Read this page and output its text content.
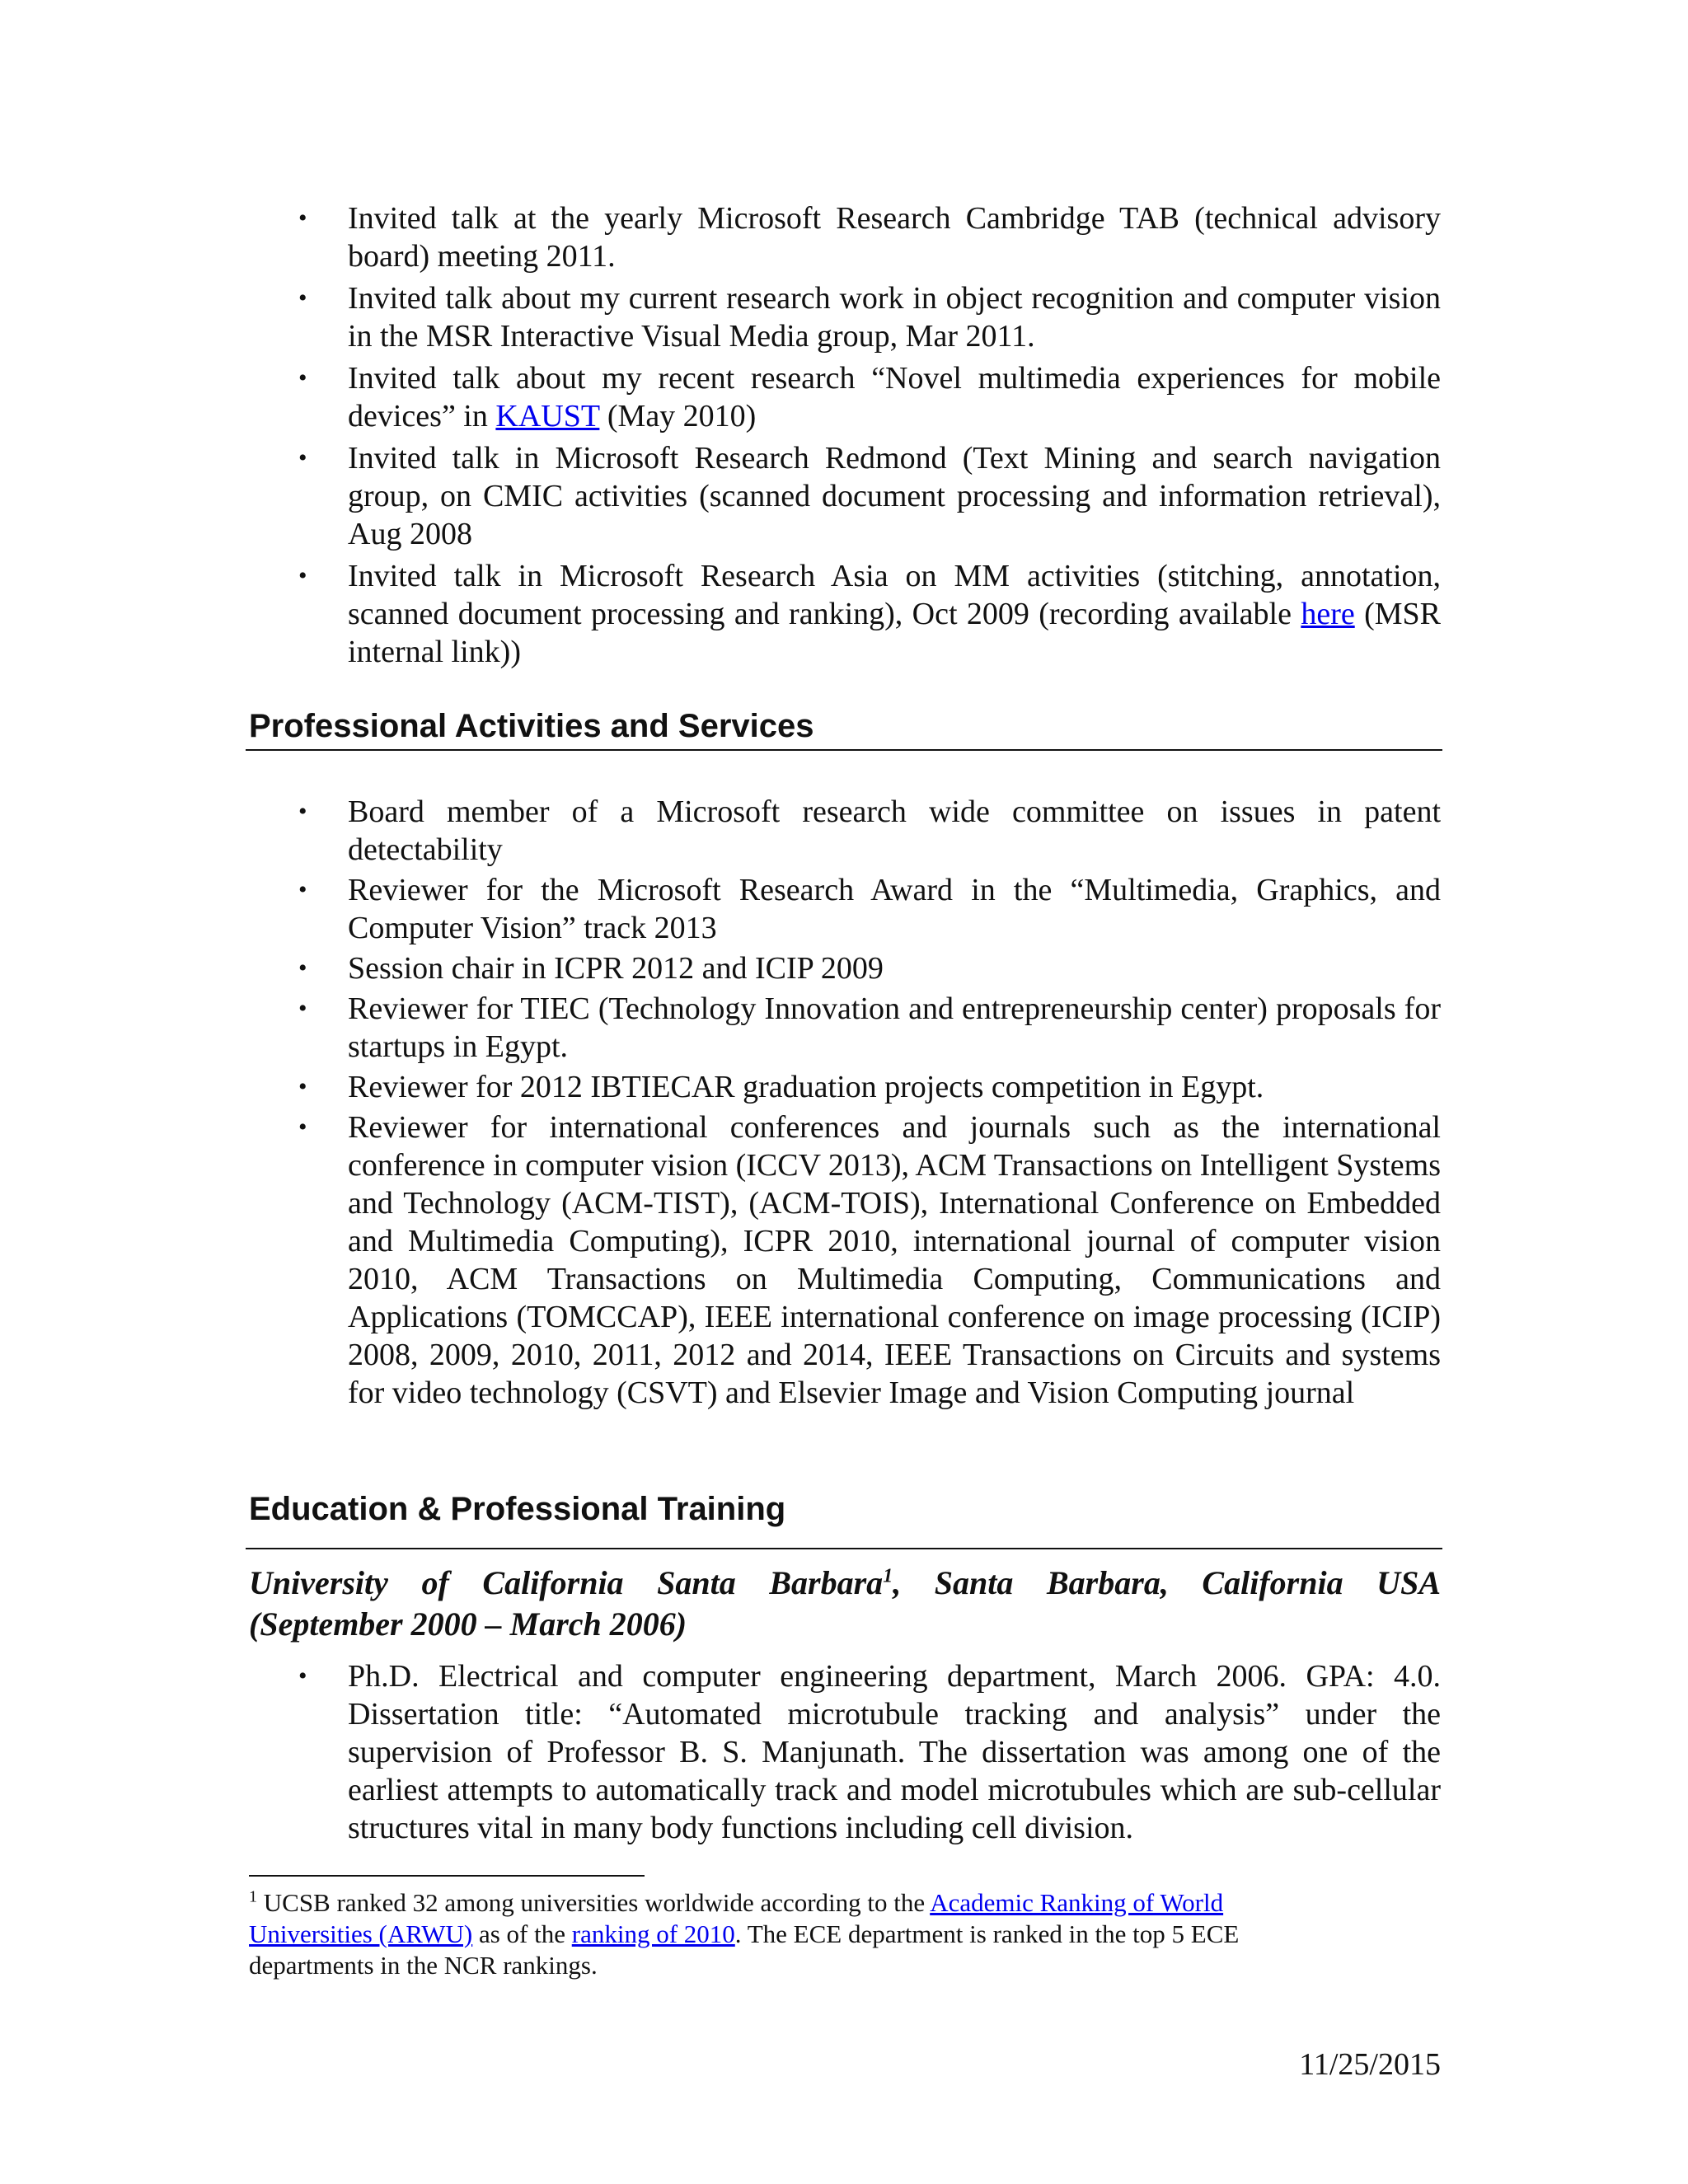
• Invited talk at the yearly Microsoft Research Cambridge TAB (technical advisory board) meeting 2011.
• Invited talk about my current research work in object recognition and computer vision in the MSR Interactive Visual Media group, Mar 2011.
• Invited talk about my recent research “Novel multimedia experiences for mobile devices” in KAUST (May 2010)
• Invited talk in Microsoft Research Redmond (Text Mining and search navigation group, on CMIC activities (scanned document processing and information retrieval), Aug 2008
• Invited talk in Microsoft Research Asia on MM activities (stitching, annotation, scanned document processing and ranking), Oct 2009 (recording available here (MSR internal link))
Professional Activities and Services
• Board member of a Microsoft research wide committee on issues in patent detectability
• Reviewer for the Microsoft Research Award in the “Multimedia, Graphics, and Computer Vision” track 2013
• Session chair in ICPR 2012 and ICIP 2009
• Reviewer for TIEC (Technology Innovation and entrepreneurship center) proposals for startups in Egypt.
• Reviewer for 2012 IBTIECAR graduation projects competition in Egypt.
• Reviewer for international conferences and journals such as the international conference in computer vision (ICCV 2013), ACM Transactions on Intelligent Systems and Technology (ACM-TIST), (ACM-TOIS), International Conference on Embedded and Multimedia Computing), ICPR 2010, international journal of computer vision 2010, ACM Transactions on Multimedia Computing, Communications and Applications (TOMCCAP), IEEE international conference on image processing (ICIP) 2008, 2009, 2010, 2011, 2012 and 2014, IEEE Transactions on Circuits and systems for video technology (CSVT) and Elsevier Image and Vision Computing journal
Education & Professional Training
University of California Santa Barbara$^1$, Santa Barbara, California USA
(September 2000 – March 2006)
• Ph.D. Electrical and computer engineering department, March 2006. GPA: 4.0. Dissertation title: “Automated microtubule tracking and analysis” under the supervision of Professor B. S. Manjunath. The dissertation was among one of the earliest attempts to automatically track and model microtubules which are sub-cellular structures vital in many body functions including cell division.

$^1$ UCSB ranked 32 among universities worldwide according to the Academic Ranking of World Universities (ARWU) as of the ranking of 2010. The ECE department is ranked in the top 5 ECE departments in the NCR rankings.

11/25/2015
